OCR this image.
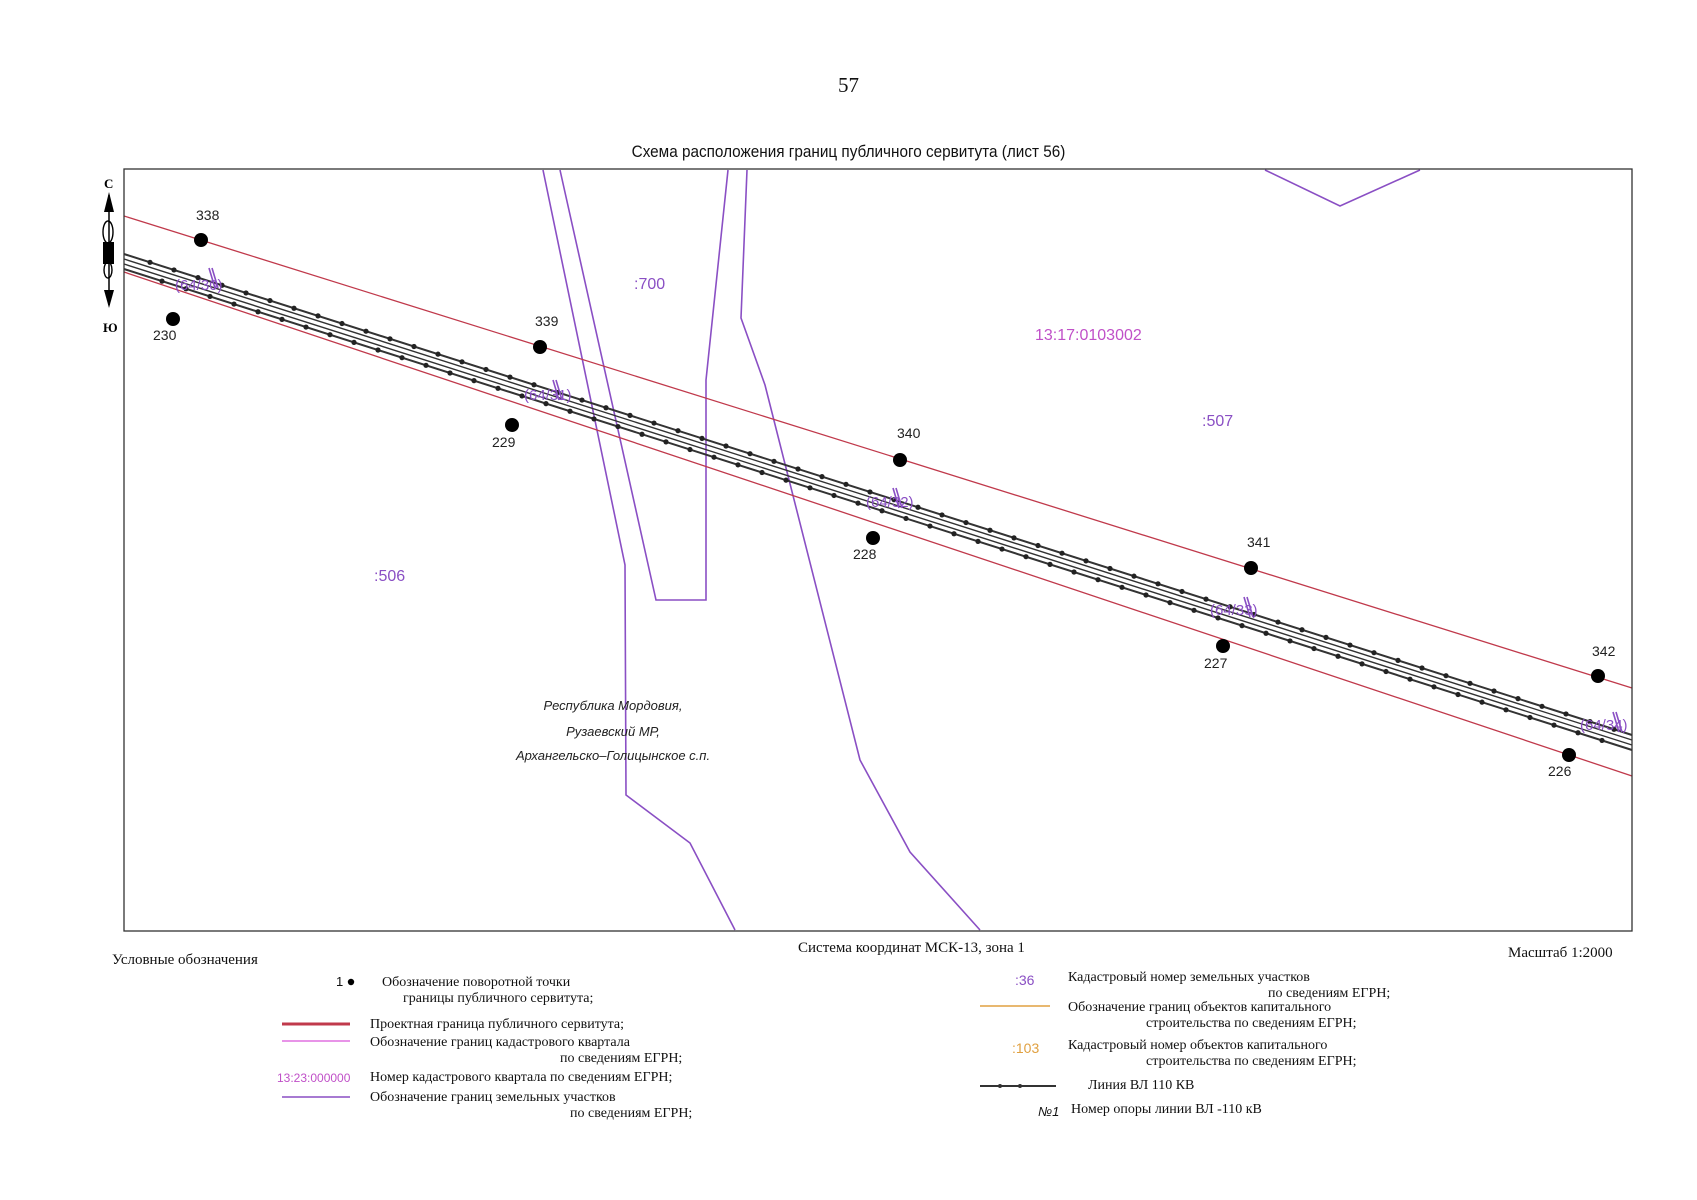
57
Схема расположения границ публичного сервитута (лист 56)
(64/30)
(64/31)
(64/32)
(64/33)
(64/34)
338
339
340
341
342
230
229
228
227
226
:700
:507
:506
13:17:0103002
Республика Мордовия,
Рузаевский МР,
Архангельско–Голицынское с.п.
С
Ю
Система координат МСК-13, зона 1	Масштаб 1:2000
Условные обозначения
1	Обозначение поворотной точки
границы публичного сервитута;
Проектная граница публичного сервитута;
Обозначение границ кадастрового квартала
по сведениям ЕГРН;
13:23:000000 Номер кадастрового квартала по сведениям ЕГРН;
Обозначение границ земельных участков
по сведениям ЕГРН;
:36 Кадастровый номер земельных участков
по сведениям ЕГРН;
Обозначение границ объектов капитального
строительства по сведениям ЕГРН;
:103 Кадастровый номер объектов капитального
строительства по сведениям ЕГРН;
Линия ВЛ 110 КВ
№1 Номер опоры линии ВЛ -110 кВ
